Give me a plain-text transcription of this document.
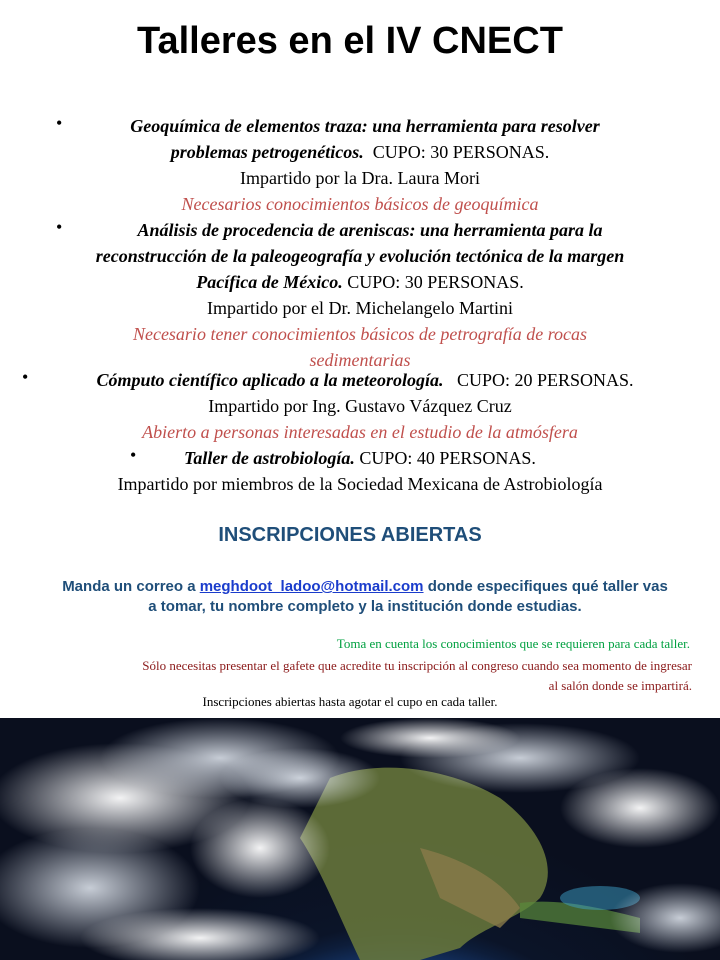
Talleres en el IV CNECT
•	Geoquímica de elementos traza: una herramienta para resolver
problemas petrogenéticos. CUPO: 30 PERSONAS.
Impartido por la Dra. Laura Mori
Necesarios conocimientos básicos de geoquímica
•	Análisis de procedencia de areniscas: una herramienta para la
reconstrucción de la paleogeografía y evolución tectónica de la margen
Pacífica de México. CUPO: 30 PERSONAS.
Impartido por el Dr. Michelangelo Martini
Necesario tener conocimientos básicos de petrografía de rocas
sedimentarias
•	Cómputo científico aplicado a la meteorología. CUPO: 20 PERSONAS.
Impartido por Ing. Gustavo Vázquez Cruz
Abierto a personas interesadas en el estudio de la atmósfera
•	Taller de astrobiología. CUPO: 40 PERSONAS.
Impartido por miembros de la Sociedad Mexicana de Astrobiología
INSCRIPCIONES ABIERTAS
Manda un correo a meghdoot_ladoo@hotmail.com donde especifiques qué taller vas
a tomar, tu nombre completo y la institución donde estudias.
Toma en cuenta los conocimientos que se requieren para cada taller.
Sólo necesitas presentar el gafete que acredite tu inscripción al congreso cuando sea momento de ingresar
al salón donde se impartirá.
Inscripciones abiertas hasta agotar el cupo en cada taller.
